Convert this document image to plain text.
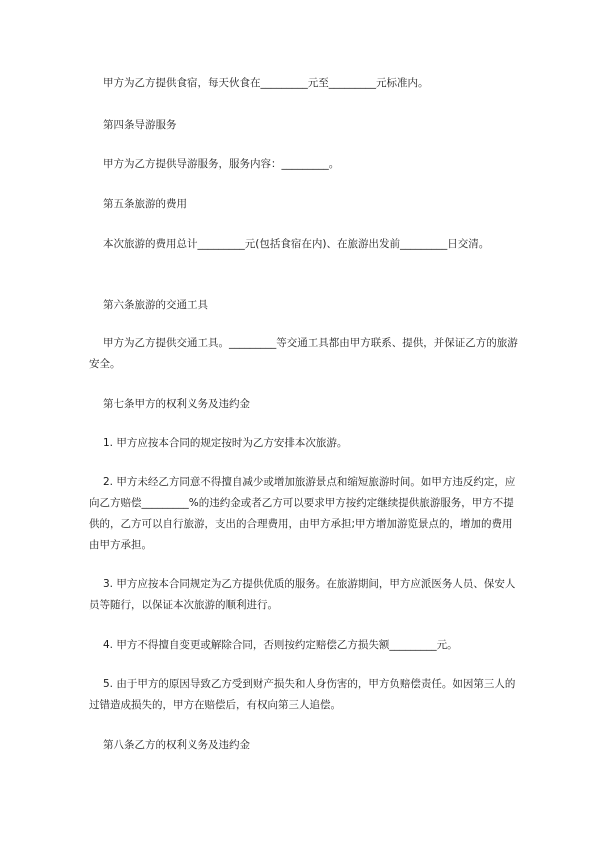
甲方为乙方提供食宿，每天伙食在_________元至_________元标准内。

第四条导游服务

甲方为乙方提供导游服务，服务内容：_________。

第五条旅游的费用

本次旅游的费用总计_________元(包括食宿在内)、在旅游出发前_________日交清。

第六条旅游的交通工具

甲方为乙方提供交通工具。_________等交通工具都由甲方联系、提供，并保证乙方的旅游安全。

第七条甲方的权利义务及违约金

1. 甲方应按本合同的规定按时为乙方安排本次旅游。

2. 甲方未经乙方同意不得擅自减少或增加旅游景点和缩短旅游时间。如甲方违反约定，应向乙方赔偿_________%的违约金或者乙方可以要求甲方按约定继续提供旅游服务，甲方不提供的，乙方可以自行旅游，支出的合理费用，由甲方承担;甲方增加游览景点的，增加的费用由甲方承担。

3. 甲方应按本合同规定为乙方提供优质的服务。在旅游期间，甲方应派医务人员、保安人员等随行，以保证本次旅游的顺利进行。

4. 甲方不得擅自变更或解除合同，否则按约定赔偿乙方损失额_________元。

5. 由于甲方的原因导致乙方受到财产损失和人身伤害的，甲方负赔偿责任。如因第三人的过错造成损失的，甲方在赔偿后，有权向第三人追偿。

第八条乙方的权利义务及违约金
